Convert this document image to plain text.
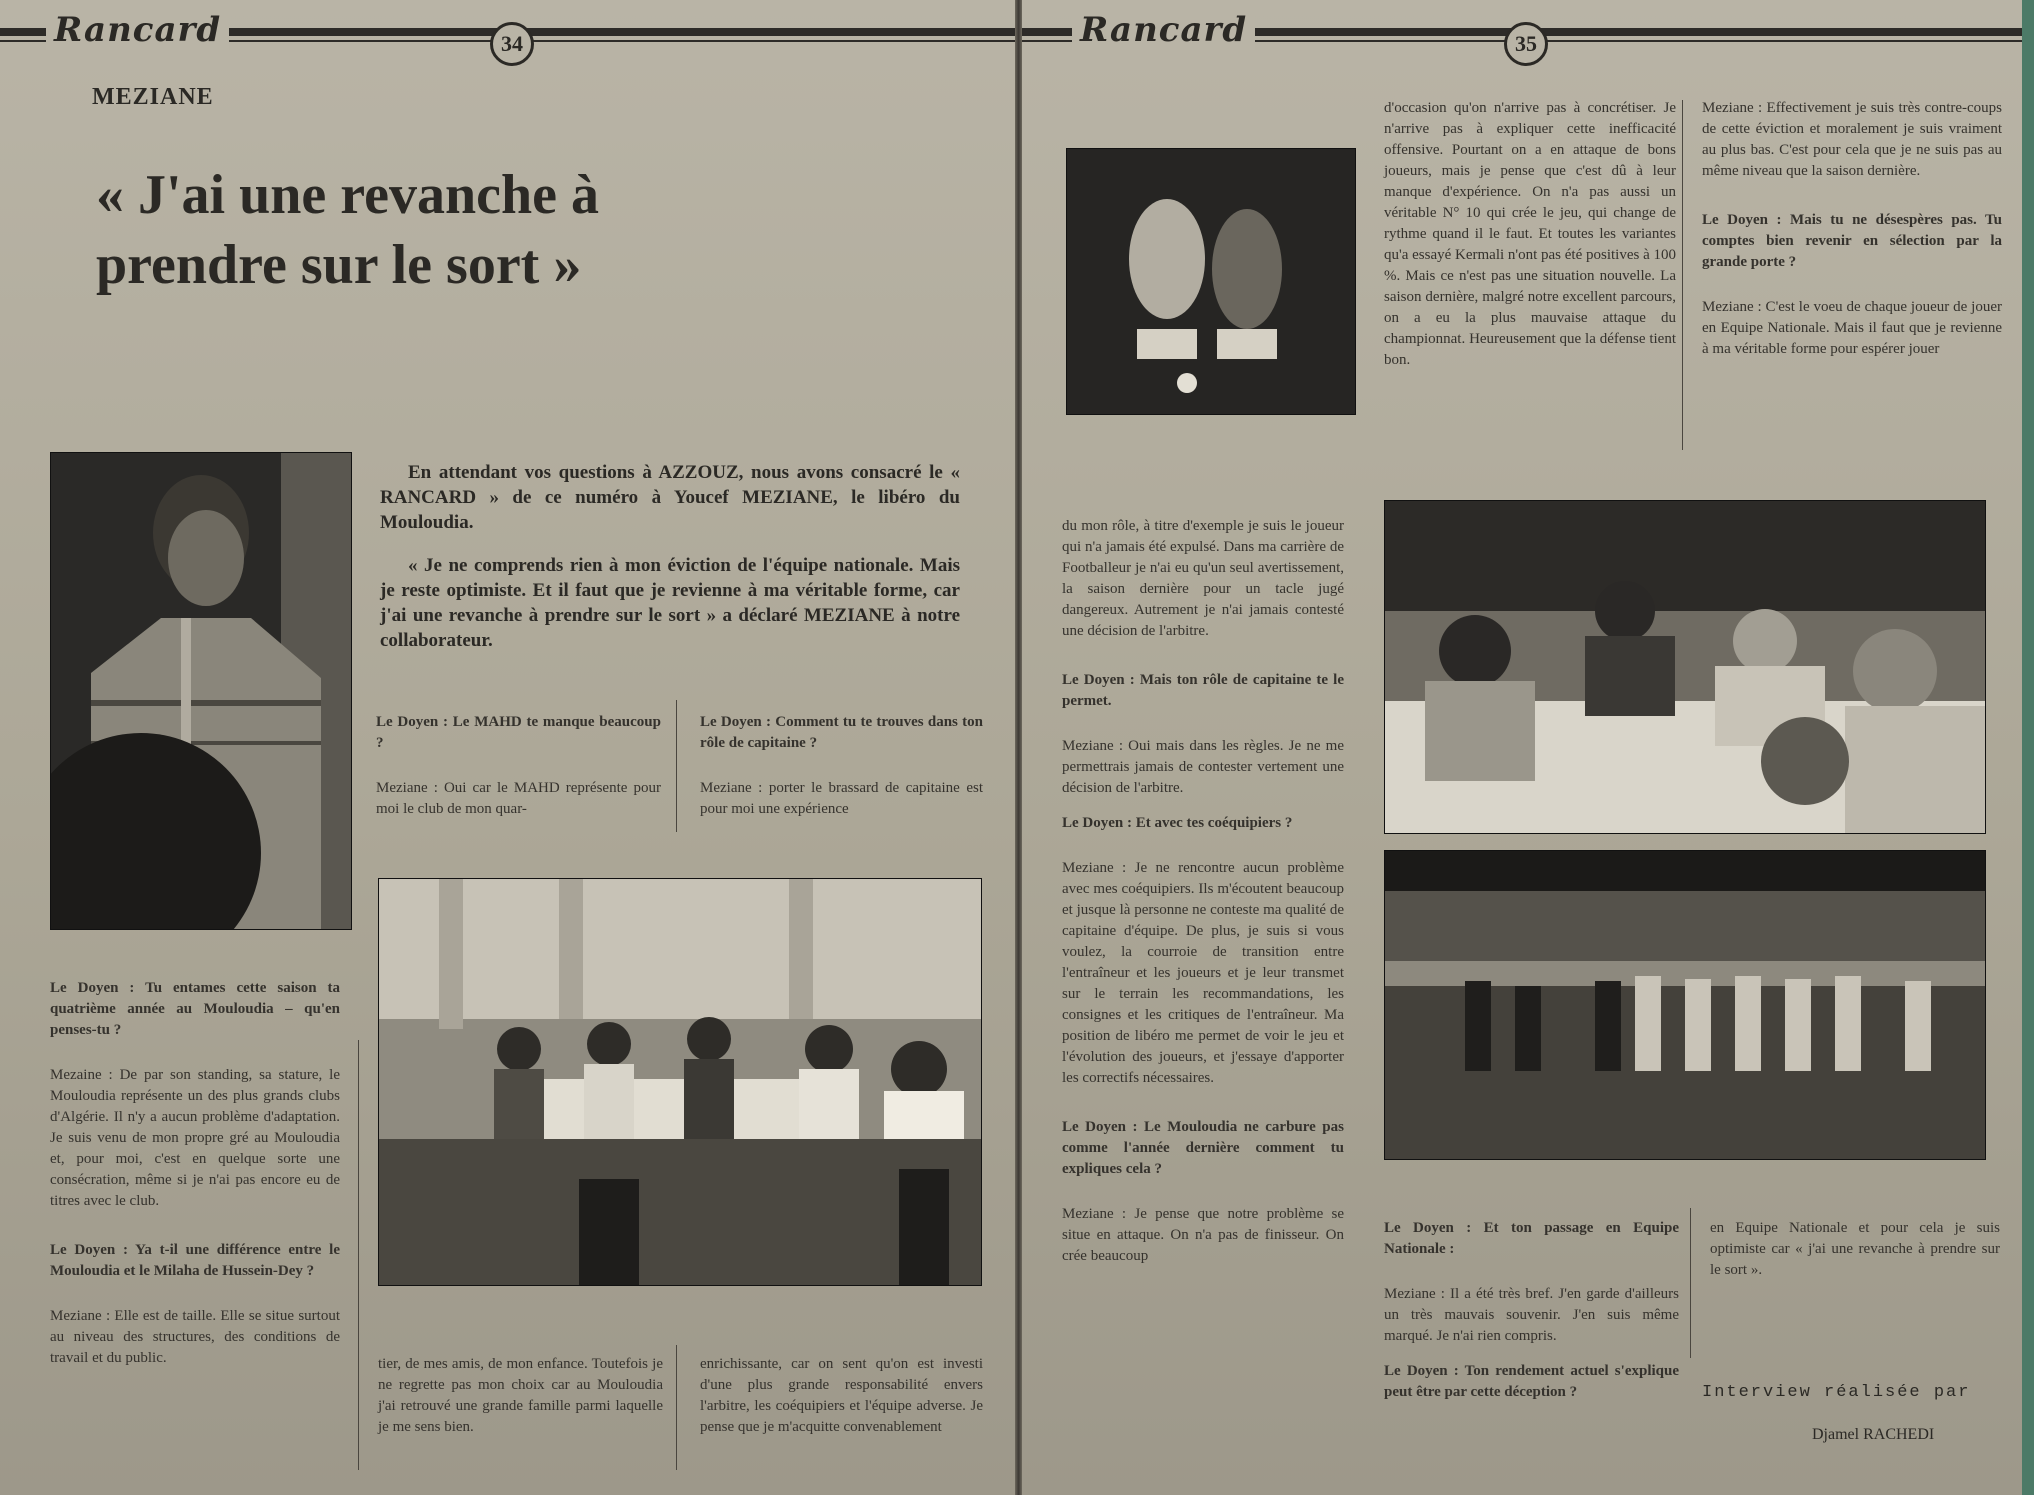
Rancard	34
MEZIANE
« J'ai une revanche à prendre sur le sort »

En attendant vos questions à AZZOUZ, nous avons consacré le « RANCARD » de ce numéro à Youcef MEZIANE, le libéro du Mouloudia.

« Je ne comprends rien à mon éviction de l'équipe nationale. Mais je reste optimiste. Et il faut que je revienne à ma véritable forme, car j'ai une revanche à prendre sur le sort » a déclaré MEZIANE à notre collaborateur.

Le Doyen : Le MAHD te manque beaucoup ?

Meziane : Oui car le MAHD représente pour moi le club de mon quar-

Le Doyen : Comment tu te trouves dans ton rôle de capitaine ?

Meziane : porter le brassard de capitaine est pour moi une expérience

Le Doyen : Tu entames cette saison ta quatrième année au Mouloudia – qu'en penses-tu ?

Mezaine : De par son standing, sa stature, le Mouloudia représente un des plus grands clubs d'Algérie. Il n'y a aucun problème d'adaptation. Je suis venu de mon propre gré au Mouloudia et, pour moi, c'est en quelque sorte une consécration, même si je n'ai pas encore eu de titres avec le club.

Le Doyen : Ya t-il une différence entre le Mouloudia et le Milaha de Hussein-Dey ?

Meziane : Elle est de taille. Elle se situe surtout au niveau des structures, des conditions de travail et du public.	tier, de mes amis, de mon enfance. Toutefois je ne regrette pas mon choix car au Mouloudia j'ai retrouvé une grande famille parmi laquelle je me sens bien.

enrichissante, car on sent qu'on est investi d'une plus grande responsabilité envers l'arbitre, les coéquipiers et l'équipe adverse. Je pense que je m'acquitte convenablement

Rancard	35

d'occasion qu'on n'arrive pas à concrétiser. Je n'arrive pas à expliquer cette inefficacité offensive. Pourtant on a en attaque de bons joueurs, mais je pense que c'est dû à leur manque d'expérience. On n'a pas aussi un véritable N° 10 qui crée le jeu, qui change de rythme quand il le faut. Et toutes les variantes qu'a essayé Kermali n'ont pas été positives à 100 %. Mais ce n'est pas une situation nouvelle. La saison dernière, malgré notre excellent parcours, on a eu la plus mauvaise attaque du championnat. Heureusement que la défense tient bon.

Meziane : Effectivement je suis très contre-coups de cette éviction et moralement je suis vraiment au plus bas. C'est pour cela que je ne suis pas au même niveau que la saison dernière.

Le Doyen : Mais tu ne désespères pas. Tu comptes bien revenir en sélection par la grande porte ?

Meziane : C'est le voeu de chaque joueur de jouer en Equipe Nationale. Mais il faut que je revienne à ma véritable forme pour espérer jouer

du mon rôle, à titre d'exemple je suis le joueur qui n'a jamais été expulsé. Dans ma carrière de Footballeur je n'ai eu qu'un seul avertissement, la saison dernière pour un tacle jugé dangereux. Autrement je n'ai jamais contesté une décision de l'arbitre.

Le Doyen : Mais ton rôle de capitaine te le permet.

Meziane : Oui mais dans les règles. Je ne me permettrais jamais de contester vertement une décision de l'arbitre.

Le Doyen : Et avec tes coéquipiers ?

Meziane : Je ne rencontre aucun problème avec mes coéquipiers. Ils m'écoutent beaucoup et jusque là personne ne conteste ma qualité de capitaine d'équipe. De plus, je suis si vous voulez, la courroie de transition entre l'entraîneur et les joueurs et je leur transmet sur le terrain les recommandations, les consignes et les critiques de l'entraîneur. Ma position de libéro me permet de voir le jeu et l'évolution des joueurs, et j'essaye d'apporter les correctifs nécessaires.

Le Doyen : Le Mouloudia ne carbure pas comme l'année dernière comment tu expliques cela ?

Meziane : Je pense que notre problème se situe en attaque. On n'a pas de finisseur. On crée beaucoup

Le Doyen : Et ton passage en Equipe Nationale :

Meziane : Il a été très bref. J'en garde d'ailleurs un très mauvais souvenir. J'en suis même marqué. Je n'ai rien compris.

Le Doyen : Ton rendement actuel s'explique peut être par cette déception ?

en Equipe Nationale et pour cela je suis optimiste car « j'ai une revanche à prendre sur le sort ».

Interview réalisée par
Djamel RACHEDI
